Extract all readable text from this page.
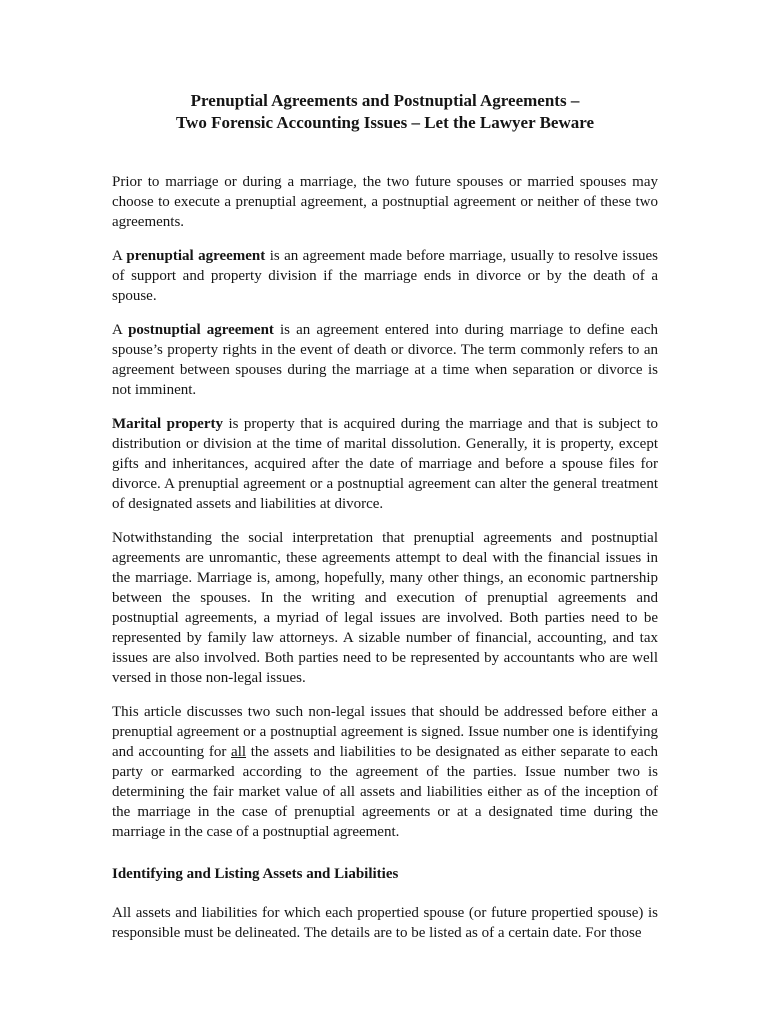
Prenuptial Agreements and Postnuptial Agreements –
Two Forensic Accounting Issues – Let the Lawyer Beware

Prior to marriage or during a marriage, the two future spouses or married spouses may choose to execute a prenuptial agreement, a postnuptial agreement or neither of these two agreements.

A prenuptial agreement is an agreement made before marriage, usually to resolve issues of support and property division if the marriage ends in divorce or by the death of a spouse.

A postnuptial agreement is an agreement entered into during marriage to define each spouse’s property rights in the event of death or divorce. The term commonly refers to an agreement between spouses during the marriage at a time when separation or divorce is not imminent.

Marital property is property that is acquired during the marriage and that is subject to distribution or division at the time of marital dissolution. Generally, it is property, except gifts and inheritances, acquired after the date of marriage and before a spouse files for divorce. A prenuptial agreement or a postnuptial agreement can alter the general treatment of designated assets and liabilities at divorce.

Notwithstanding the social interpretation that prenuptial agreements and postnuptial agreements are unromantic, these agreements attempt to deal with the financial issues in the marriage. Marriage is, among, hopefully, many other things, an economic partnership between the spouses. In the writing and execution of prenuptial agreements and postnuptial agreements, a myriad of legal issues are involved. Both parties need to be represented by family law attorneys. A sizable number of financial, accounting, and tax issues are also involved. Both parties need to be represented by accountants who are well versed in those non-legal issues.

This article discusses two such non-legal issues that should be addressed before either a prenuptial agreement or a postnuptial agreement is signed. Issue number one is identifying and accounting for all the assets and liabilities to be designated as either separate to each party or earmarked according to the agreement of the parties. Issue number two is determining the fair market value of all assets and liabilities either as of the inception of the marriage in the case of prenuptial agreements or at a designated time during the marriage in the case of a postnuptial agreement.

Identifying and Listing Assets and Liabilities

All assets and liabilities for which each propertied spouse (or future propertied spouse) is responsible must be delineated. The details are to be listed as of a certain date. For those
